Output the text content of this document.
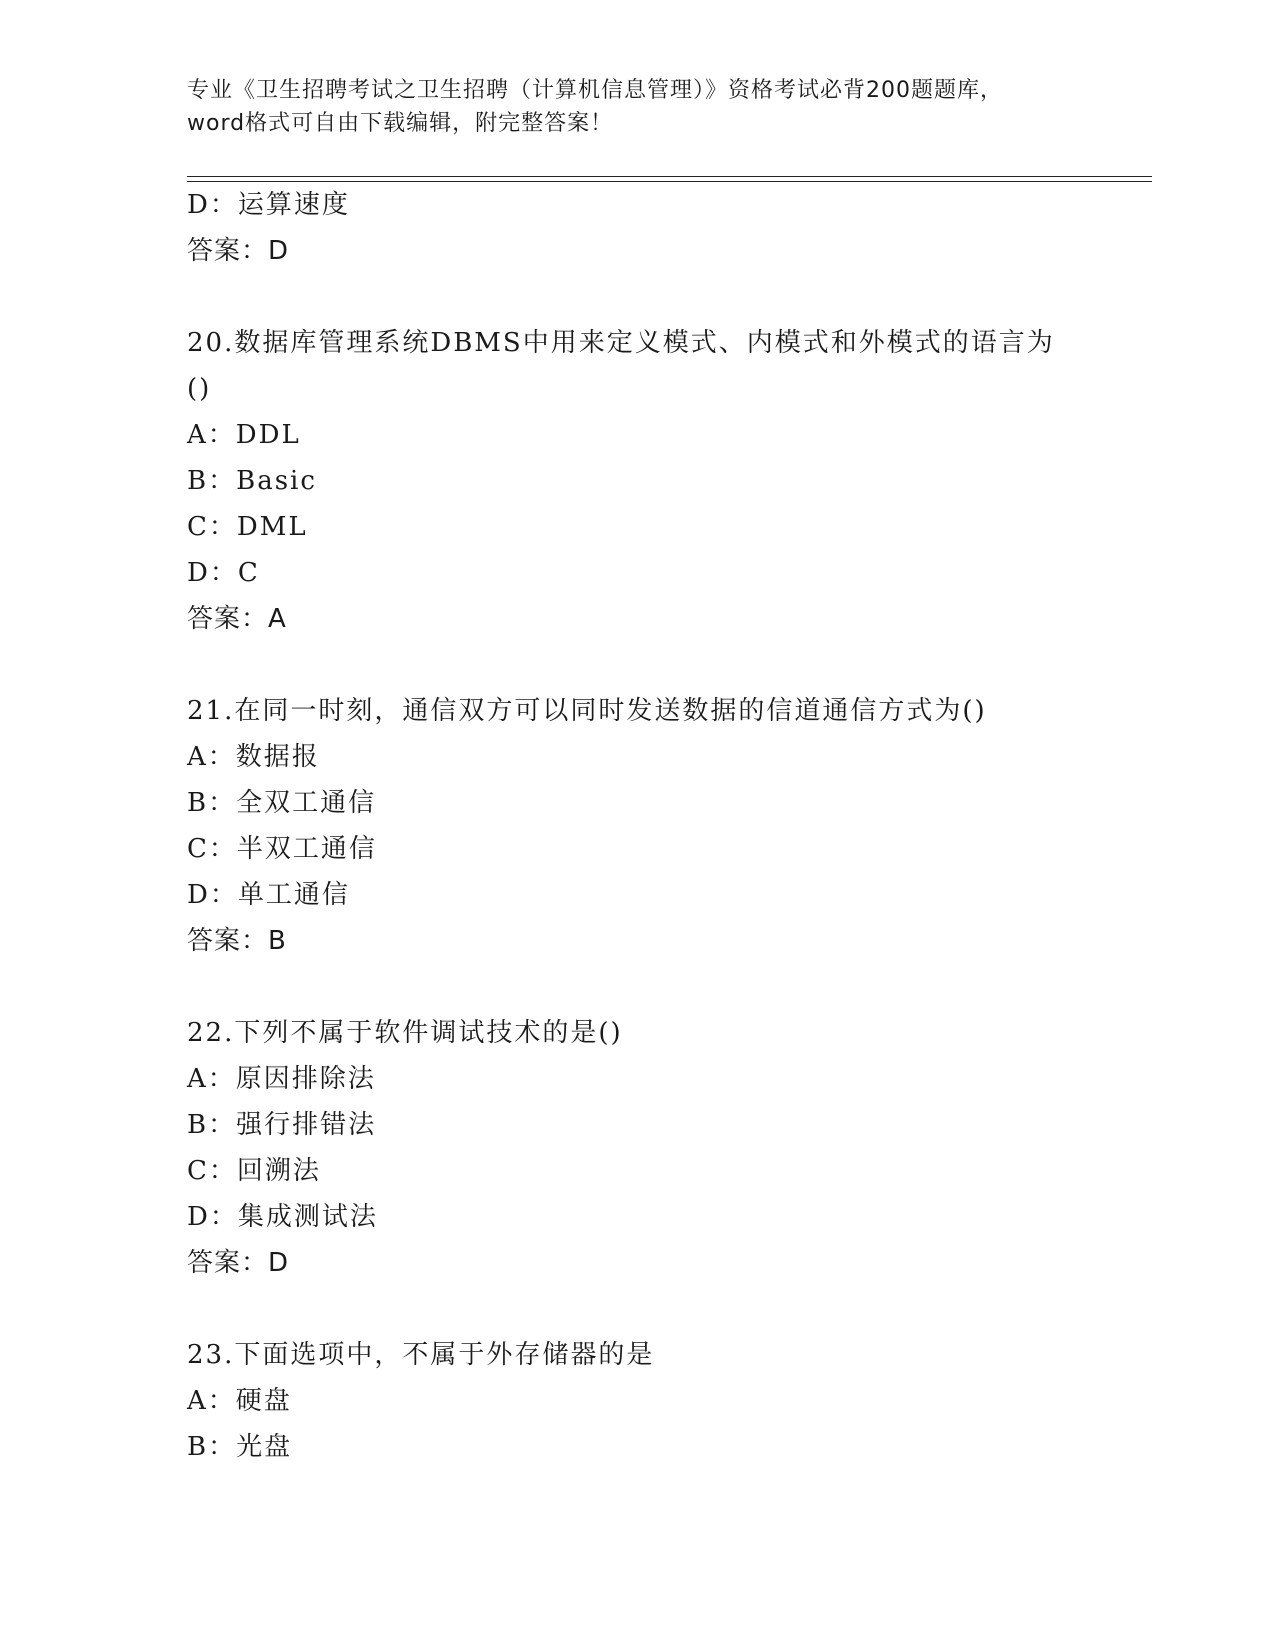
专业《卫生招聘考试之卫生招聘（计算机信息管理）》资格考试必背200题题库，
word格式可自由下载编辑，附完整答案！
D：运算速度
答案：D
20.数据库管理系统DBMS中用来定义模式、内模式和外模式的语言为
()
A：DDL
B：Basic
C：DML
D：C
答案：A
21.在同一时刻，通信双方可以同时发送数据的信道通信方式为()
A：数据报
B：全双工通信
C：半双工通信
D：单工通信
答案：B
22.下列不属于软件调试技术的是()
A：原因排除法
B：强行排错法
C：回溯法
D：集成测试法
答案：D
23.下面选项中，不属于外存储器的是
A：硬盘
B：光盘
